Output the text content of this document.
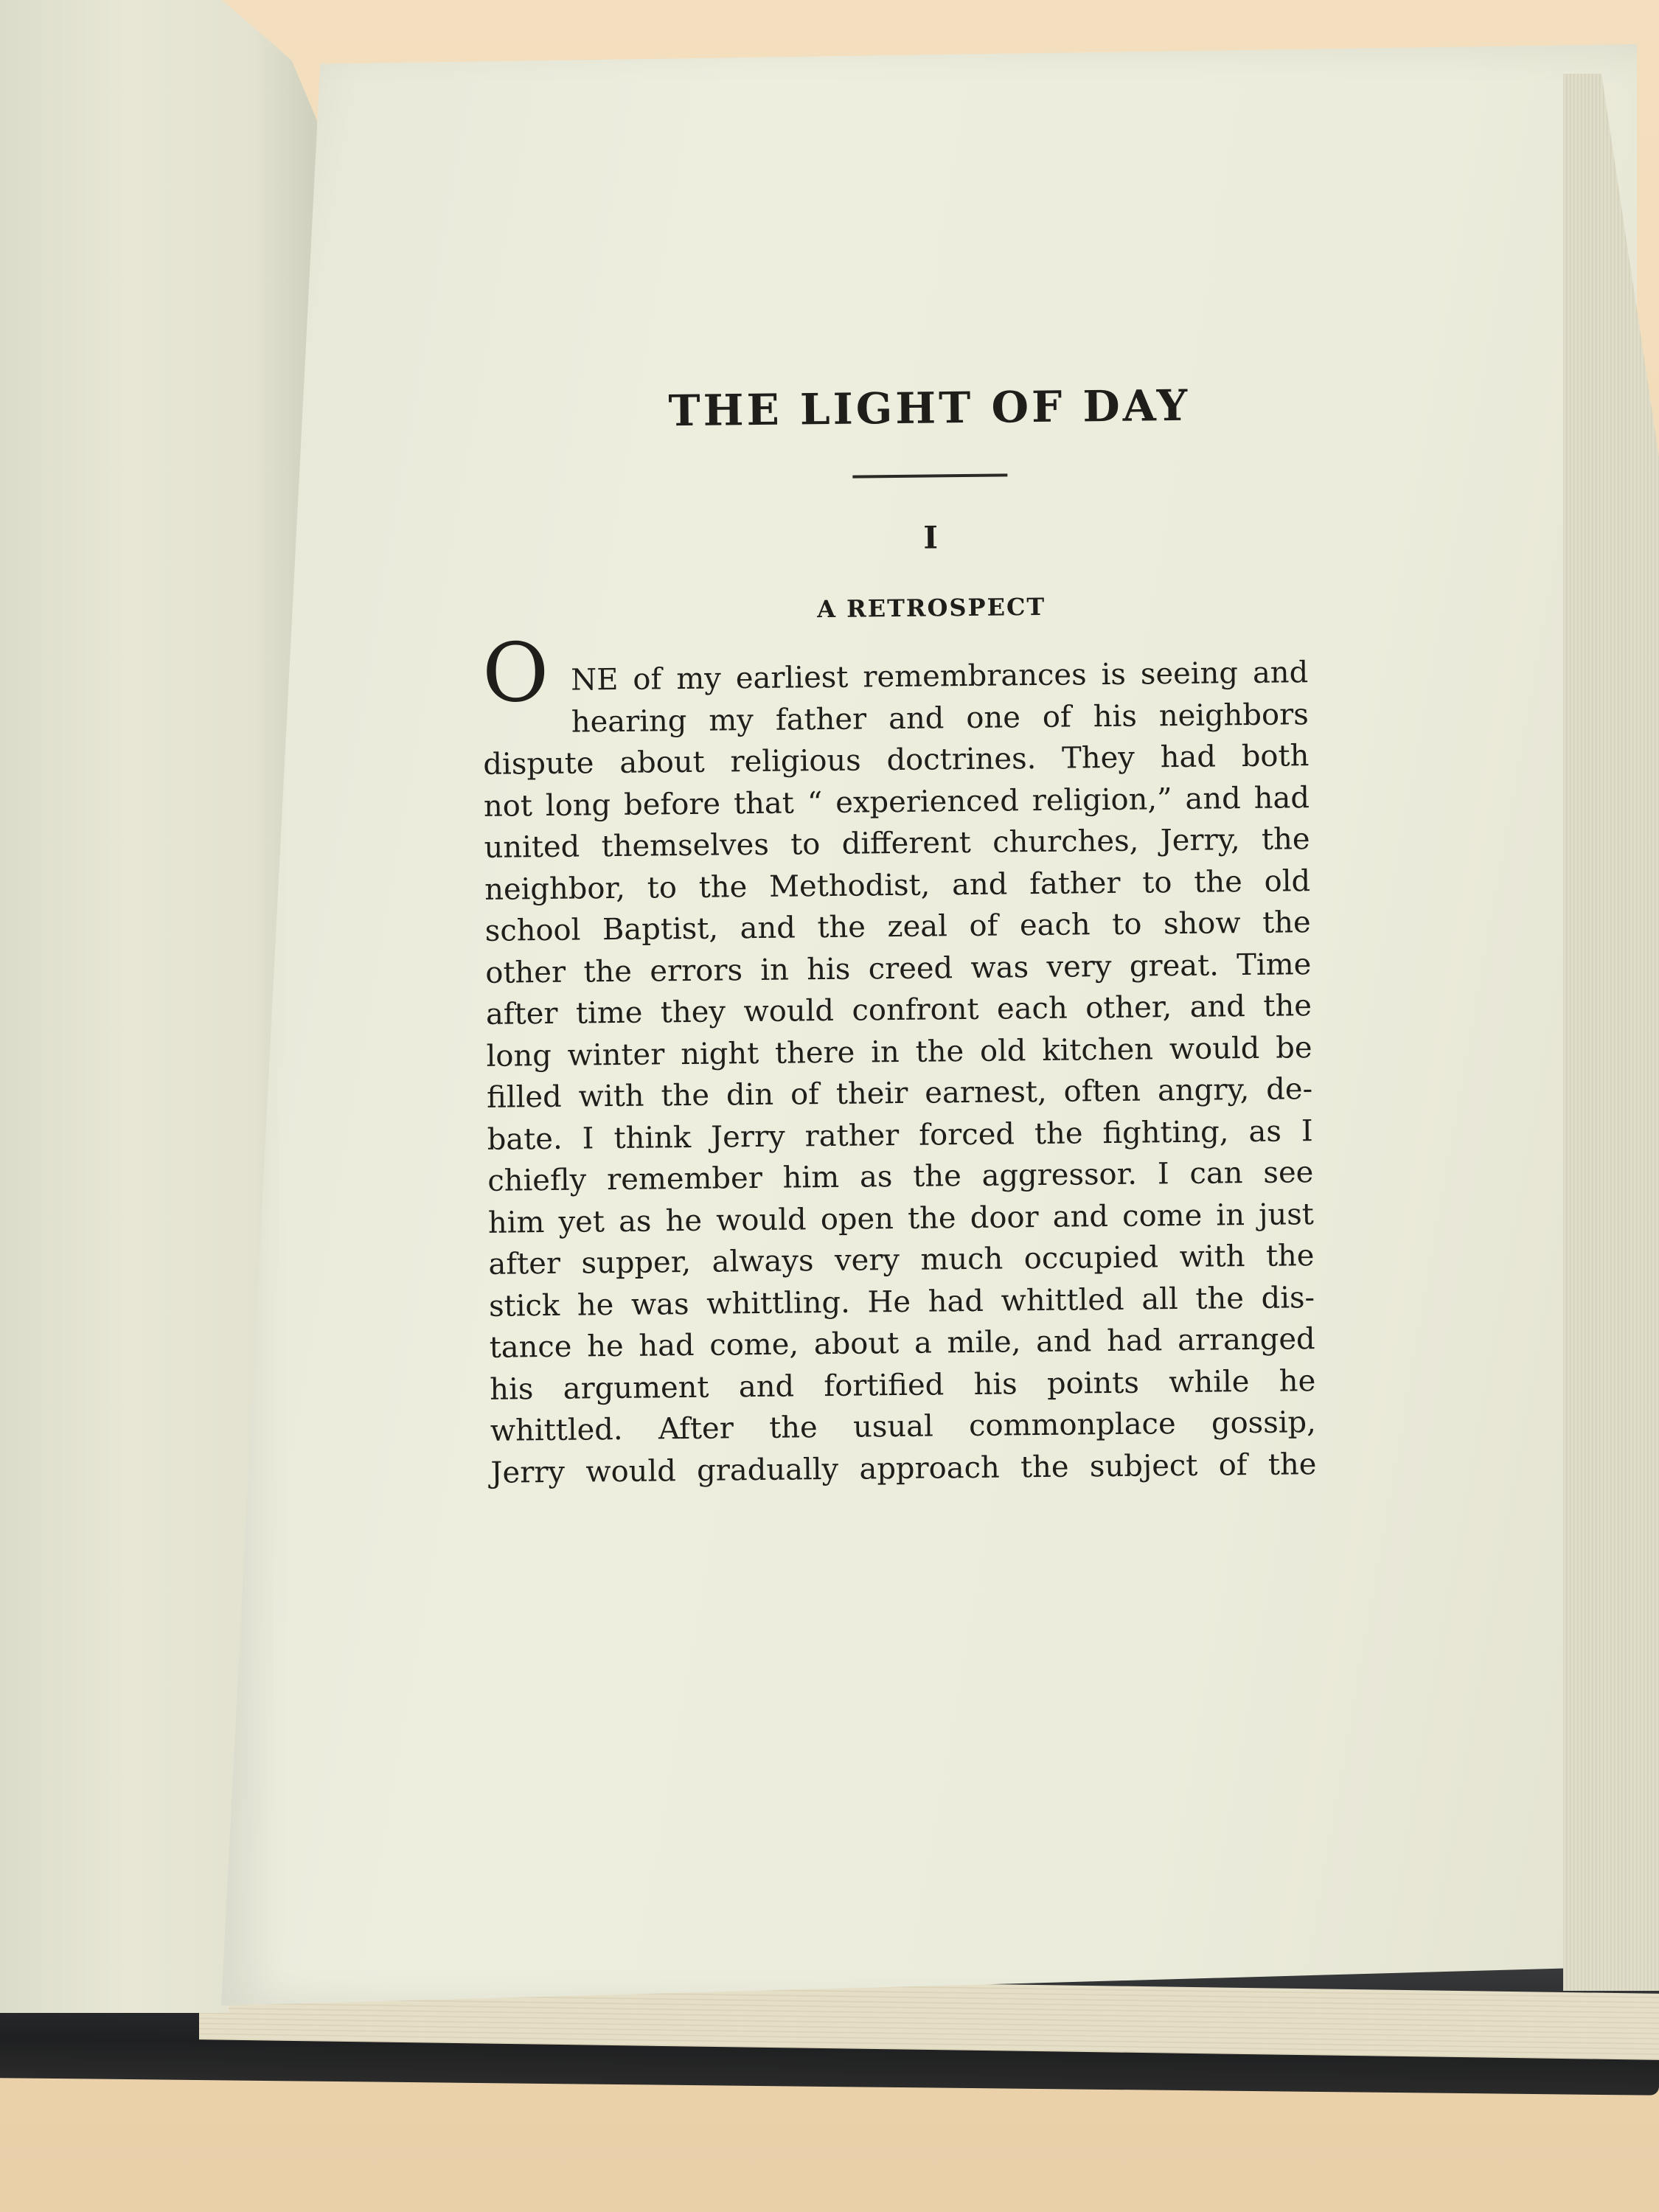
THE LIGHT OF DAY
I
A RETROSPECT
O NE of my earliest remembrances is seeing and
hearing my father and one of his neighbors
dispute about religious doctrines. They had both
not long before that “ experienced religion,” and had
united themselves to different churches, Jerry, the
neighbor, to the Methodist, and father to the old
school Baptist, and the zeal of each to show the
other the errors in his creed was very great. Time
after time they would confront each other, and the
long winter night there in the old kitchen would be
filled with the din of their earnest, often angry, de-
bate. I think Jerry rather forced the fighting, as I
chiefly remember him as the aggressor. I can see
him yet as he would open the door and come in just
after supper, always very much occupied with the
stick he was whittling. He had whittled all the dis-
tance he had come, about a mile, and had arranged
his argument and fortified his points while he
whittled. After the usual commonplace gossip,
Jerry would gradually approach the subject of the
